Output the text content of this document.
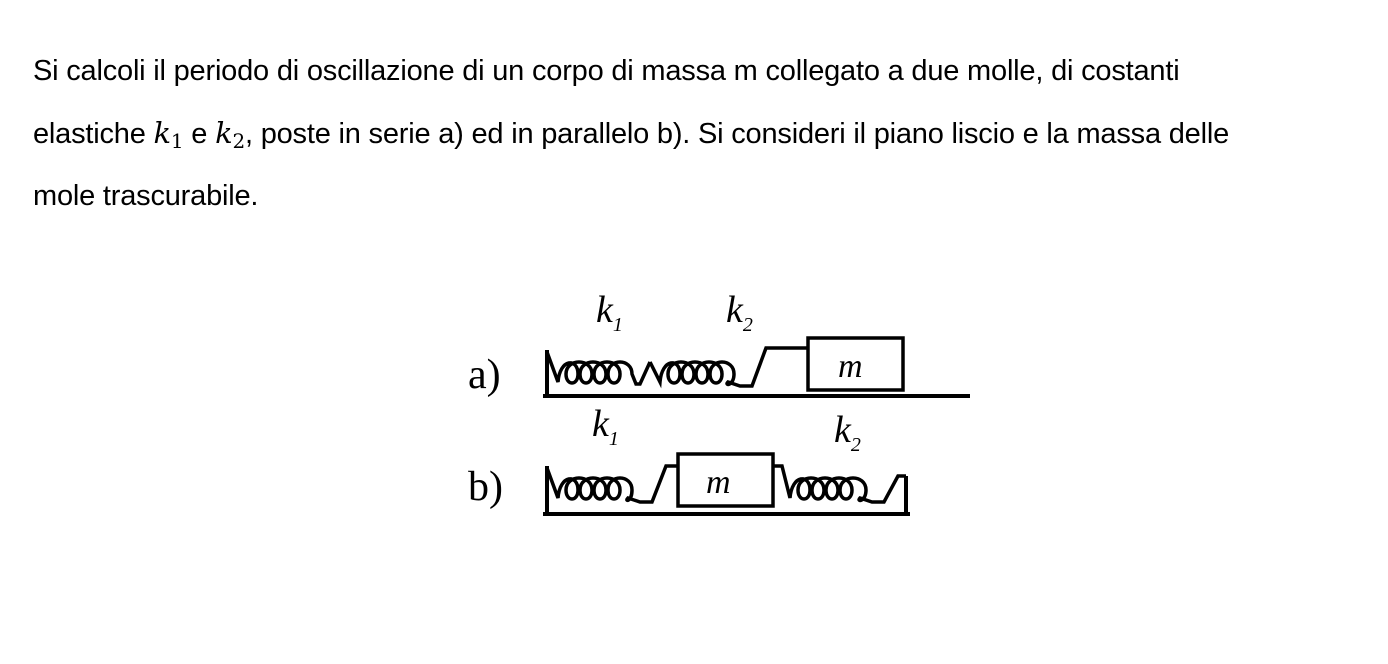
Si calcoli il periodo di oscillazione di un corpo di massa m collegato a due molle, di costanti
elastiche $k_1$ e $k_2$, poste in serie a) ed in parallelo b). Si consideri il piano liscio e la massa delle
mole trascurabile.
a)
$k_1$	$k_2$
m
b)
$k_1$	$k_2$
m
